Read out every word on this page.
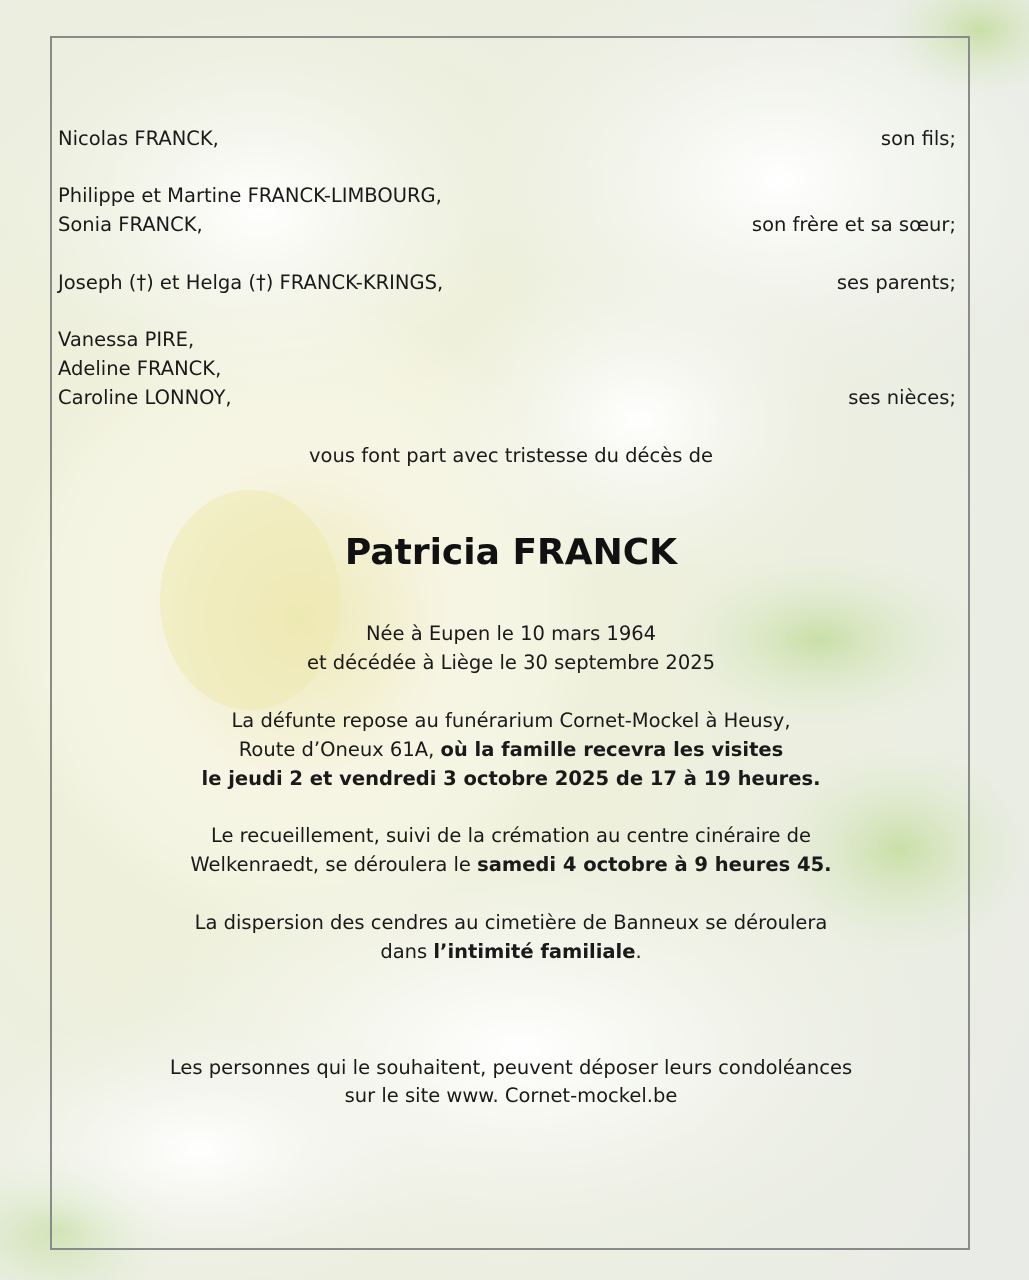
Nicolas FRANCK,	son fils;
Philippe et Martine FRANCK-LIMBOURG,
Sonia FRANCK,	son frère et sa sœur;
Joseph (†) et Helga (†) FRANCK-KRINGS,	ses parents;
Vanessa PIRE,
Adeline FRANCK,
Caroline LONNOY,	ses nièces;
vous font part avec tristesse du décès de
Patricia FRANCK
Née à Eupen le 10 mars 1964
et décédée à Liège le 30 septembre 2025
La défunte repose au funérarium Cornet-Mockel à Heusy,
Route d’Oneux 61A, où la famille recevra les visites
le jeudi 2 et vendredi 3 octobre 2025 de 17 à 19 heures.
Le recueillement, suivi de la crémation au centre cinéraire de
Welkenraedt, se déroulera le samedi 4 octobre à 9 heures 45.
La dispersion des cendres au cimetière de Banneux se déroulera
dans l’intimité familiale.
Les personnes qui le souhaitent, peuvent déposer leurs condoléances
sur le site www. Cornet-mockel.be
